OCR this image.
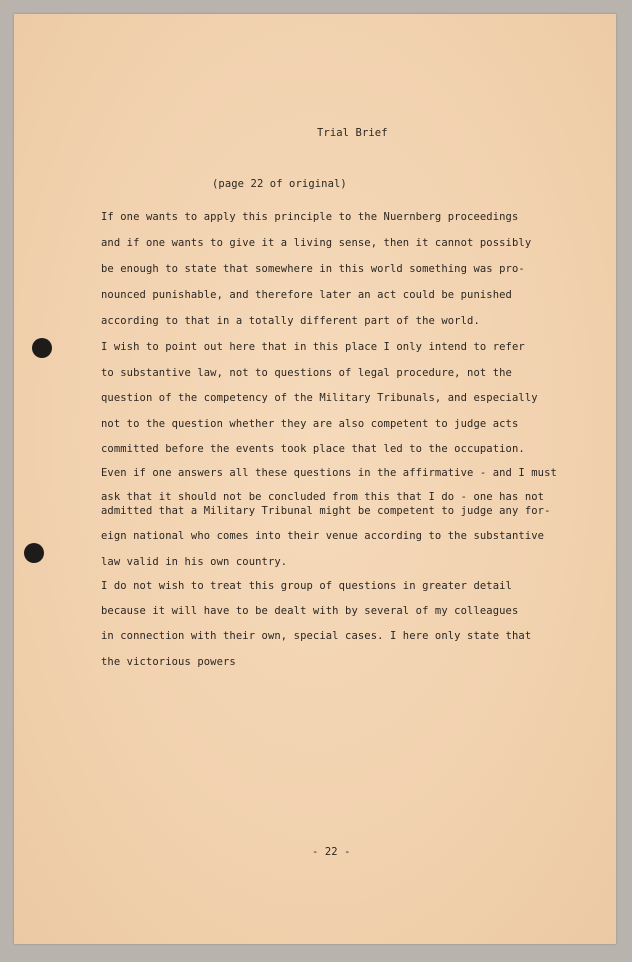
Trial Brief
(page 22 of original)
If one wants to apply this principle to the Nuernberg proceedings
and if one wants to give it a living sense, then it cannot possibly
be enough to state that somewhere in this world something was pro-
nounced punishable, and therefore later an act could be punished
according to that in a totally different part of the world.
I wish to point out here that in this place I only intend to refer
to substantive law, not to questions of legal procedure, not the
question of the competency of the Military Tribunals, and especially
not to the question whether they are also competent to judge acts
committed before the events took place that led to the occupation.
Even if one answers all these questions in the affirmative - and I must
ask that it should not be concluded from this that I do - one has not
admitted that a Military Tribunal might be competent to judge any for-
eign national who comes into their venue according to the substantive
law valid in his own country.
I do not wish to treat this group of questions in greater detail
because it will have to be dealt with by several of my colleagues
in connection with their own, special cases. I here only state that
the victorious powers
- 22 -
